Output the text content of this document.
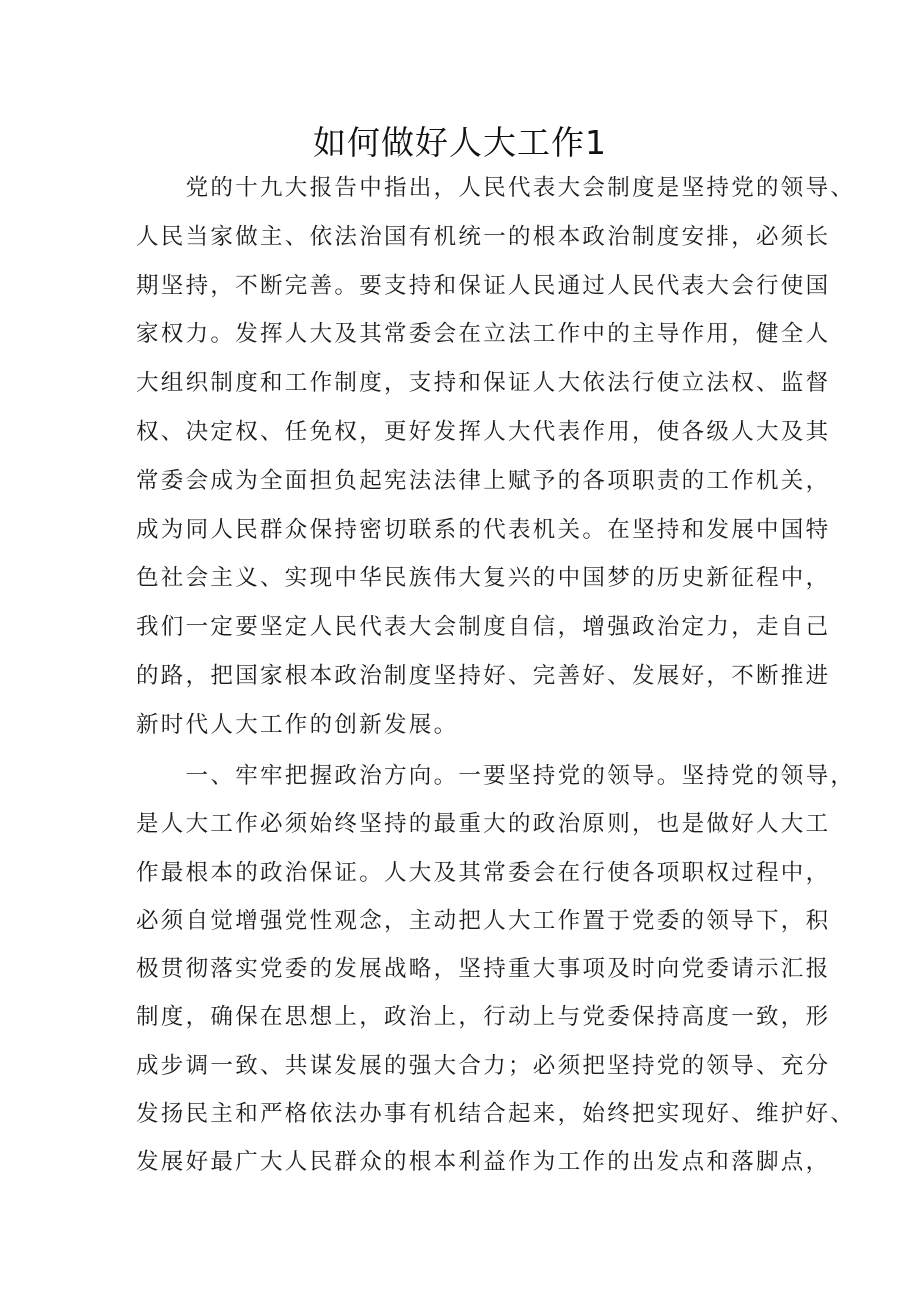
如何做好人大工作1
　　党的十九大报告中指出，人民代表大会制度是坚持党的领导、
人民当家做主、依法治国有机统一的根本政治制度安排，必须长
期坚持，不断完善。要支持和保证人民通过人民代表大会行使国
家权力。发挥人大及其常委会在立法工作中的主导作用，健全人
大组织制度和工作制度，支持和保证人大依法行使立法权、监督
权、决定权、任免权，更好发挥人大代表作用，使各级人大及其
常委会成为全面担负起宪法法律上赋予的各项职责的工作机关，
成为同人民群众保持密切联系的代表机关。在坚持和发展中国特
色社会主义、实现中华民族伟大复兴的中国梦的历史新征程中，
我们一定要坚定人民代表大会制度自信，增强政治定力，走自己
的路，把国家根本政治制度坚持好、完善好、发展好，不断推进
新时代人大工作的创新发展。
　　一、牢牢把握政治方向。一要坚持党的领导。坚持党的领导，
是人大工作必须始终坚持的最重大的政治原则，也是做好人大工
作最根本的政治保证。人大及其常委会在行使各项职权过程中，
必须自觉增强党性观念，主动把人大工作置于党委的领导下，积
极贯彻落实党委的发展战略，坚持重大事项及时向党委请示汇报
制度，确保在思想上，政治上，行动上与党委保持高度一致，形
成步调一致、共谋发展的强大合力；必须把坚持党的领导、充分
发扬民主和严格依法办事有机结合起来，始终把实现好、维护好、
发展好最广大人民群众的根本利益作为工作的出发点和落脚点，
